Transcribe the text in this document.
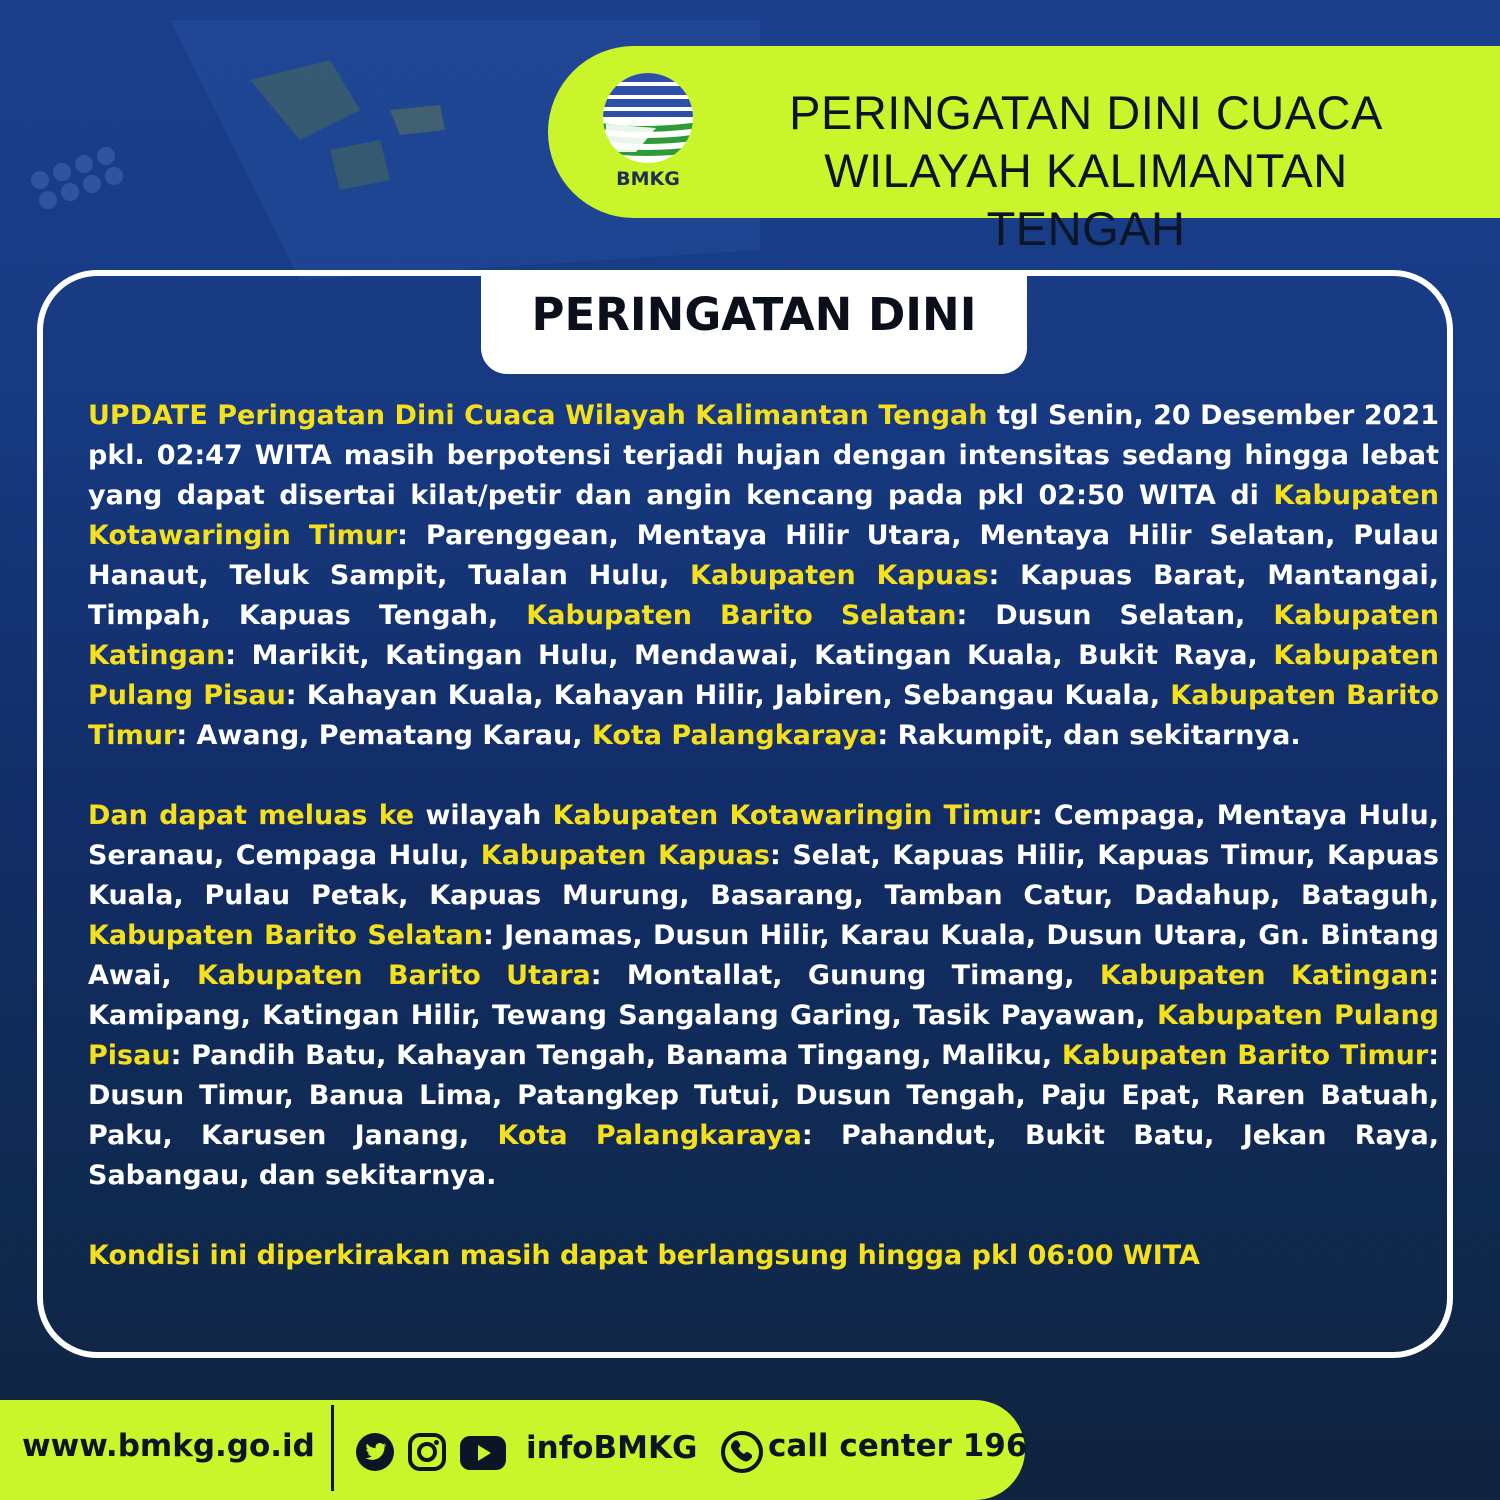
BMKG
PERINGATAN DINI CUACA
WILAYAH KALIMANTAN TENGAH
PERINGATAN DINI

UPDATE Peringatan Dini Cuaca Wilayah Kalimantan Tengah tgl Senin, 20 Desember 2021 pkl. 02:47 WITA masih berpotensi terjadi hujan dengan intensitas sedang hingga lebat yang dapat disertai kilat/petir dan angin kencang pada pkl 02:50 WITA di Kabupaten Kotawaringin Timur: Parenggean, Mentaya Hilir Utara, Mentaya Hilir Selatan, Pulau Hanaut, Teluk Sampit, Tualan Hulu, Kabupaten Kapuas: Kapuas Barat, Mantangai, Timpah, Kapuas Tengah, Kabupaten Barito Selatan: Dusun Selatan, Kabupaten Katingan: Marikit, Katingan Hulu, Mendawai, Katingan Kuala, Bukit Raya, Kabupaten Pulang Pisau: Kahayan Kuala, Kahayan Hilir, Jabiren, Sebangau Kuala, Kabupaten Barito Timur: Awang, Pematang Karau, Kota Palangkaraya: Rakumpit, dan sekitarnya.

Dan dapat meluas ke wilayah Kabupaten Kotawaringin Timur: Cempaga, Mentaya Hulu, Seranau, Cempaga Hulu, Kabupaten Kapuas: Selat, Kapuas Hilir, Kapuas Timur, Kapuas Kuala, Pulau Petak, Kapuas Murung, Basarang, Tamban Catur, Dadahup, Bataguh, Kabupaten Barito Selatan: Jenamas, Dusun Hilir, Karau Kuala, Dusun Utara, Gn. Bintang Awai, Kabupaten Barito Utara: Montallat, Gunung Timang, Kabupaten Katingan: Kamipang, Katingan Hilir, Tewang Sangalang Garing, Tasik Payawan, Kabupaten Pulang Pisau: Pandih Batu, Kahayan Tengah, Banama Tingang, Maliku, Kabupaten Barito Timur: Dusun Timur, Banua Lima, Patangkep Tutui, Dusun Tengah, Paju Epat, Raren Batuah, Paku, Karusen Janang, Kota Palangkaraya: Pahandut, Bukit Batu, Jekan Raya, Sabangau, dan sekitarnya.

Kondisi ini diperkirakan masih dapat berlangsung hingga pkl 06:00 WITA

www.bmkg.go.id	infoBMKG call center 196
